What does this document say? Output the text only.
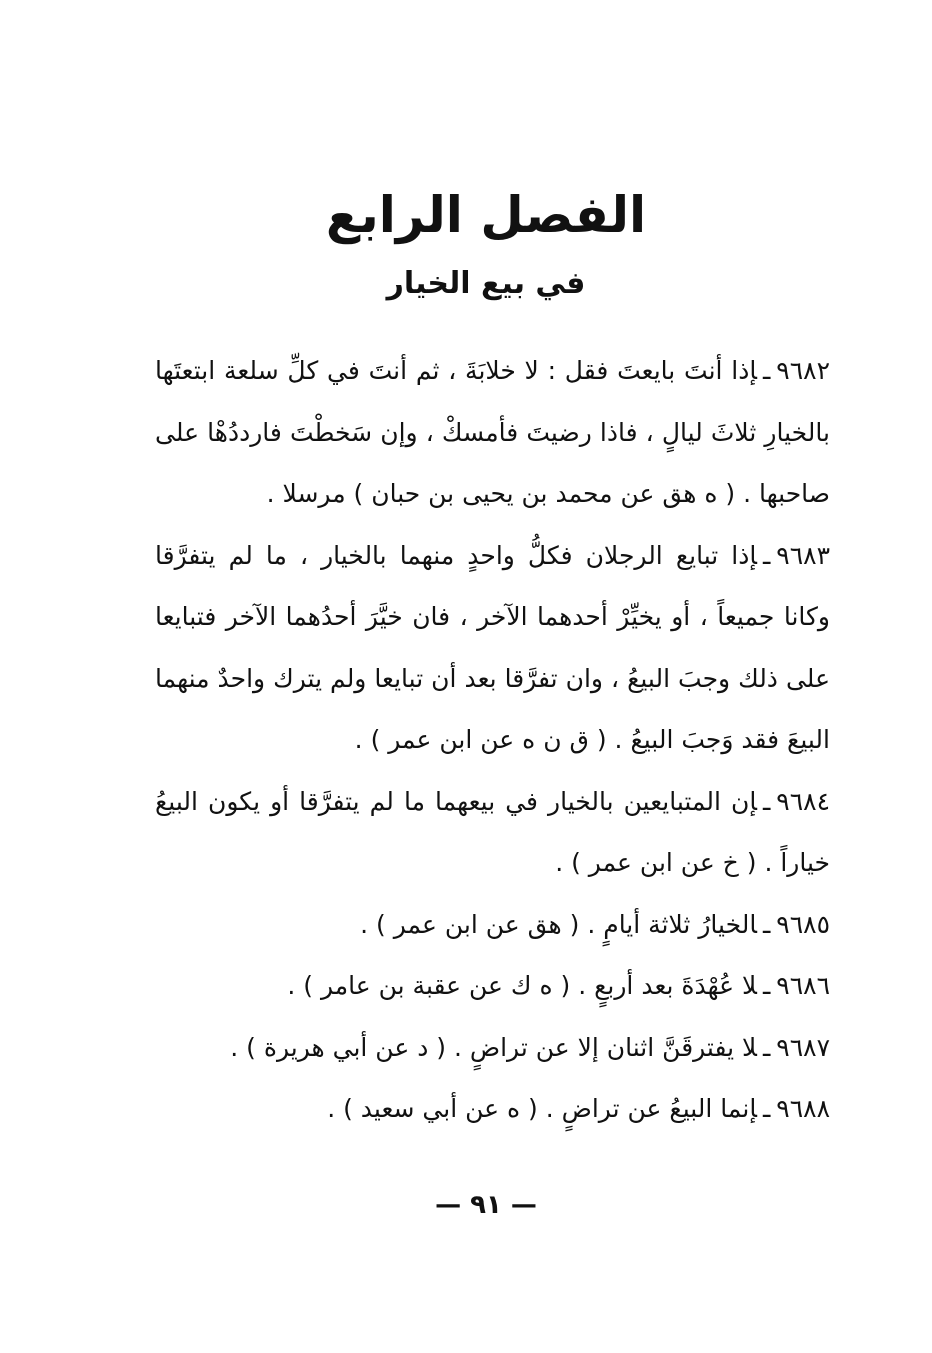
الفصل الرابع
في بيع الخيار

٩٦٨٢ـإذا أنتَ بايعتَ فقل : لا خلابَةَ ، ثم أنتَ في كلِّ سلعة ابتعتَها بالخيارِ ثلاثَ ليالٍ ، فاذا رضيتَ فأمسكْ ، وإن سَخطْتَ فارددُهْا على صاحبها . ( ه هق عن محمد بن يحيى بن حبان ) مرسلا .

٩٦٨٣ـإذا تبايع الرجلان فكلُّ واحدٍ منهما بالخيار ، ما لم يتفرَّقا وكانا جميعاً ، أو يخيِّرْ أحدهما الآخر ، فان خيَّرَ أحدُهما الآخر فتبايعا على ذلك وجبَ البيعُ ، وان تفرَّقا بعد أن تبايعا ولم يترك واحدٌ منهما البيعَ فقد وَجبَ البيعُ . ( ق ن ه عن ابن عمر ) .

٩٦٨٤ـإن المتبايعين بالخيار في بيعهما ما لم يتفرَّقا أو يكون البيعُ خياراً . ( خ عن ابن عمر ) .

٩٦٨٥ـالخيارُ ثلاثة أيامٍ . ( هق عن ابن عمر ) .

٩٦٨٦ـلا عُهْدَةَ بعد أربعٍ . ( ه ك عن عقبة بن عامر ) .

٩٦٨٧ـلا يفترقَنَّ اثنان إلا عن تراضٍ . ( د عن أبي هريرة ) .

٩٦٨٨ـإنما البيعُ عن تراضٍ . ( ه عن أبي سعيد ) .

— ٩١ —
